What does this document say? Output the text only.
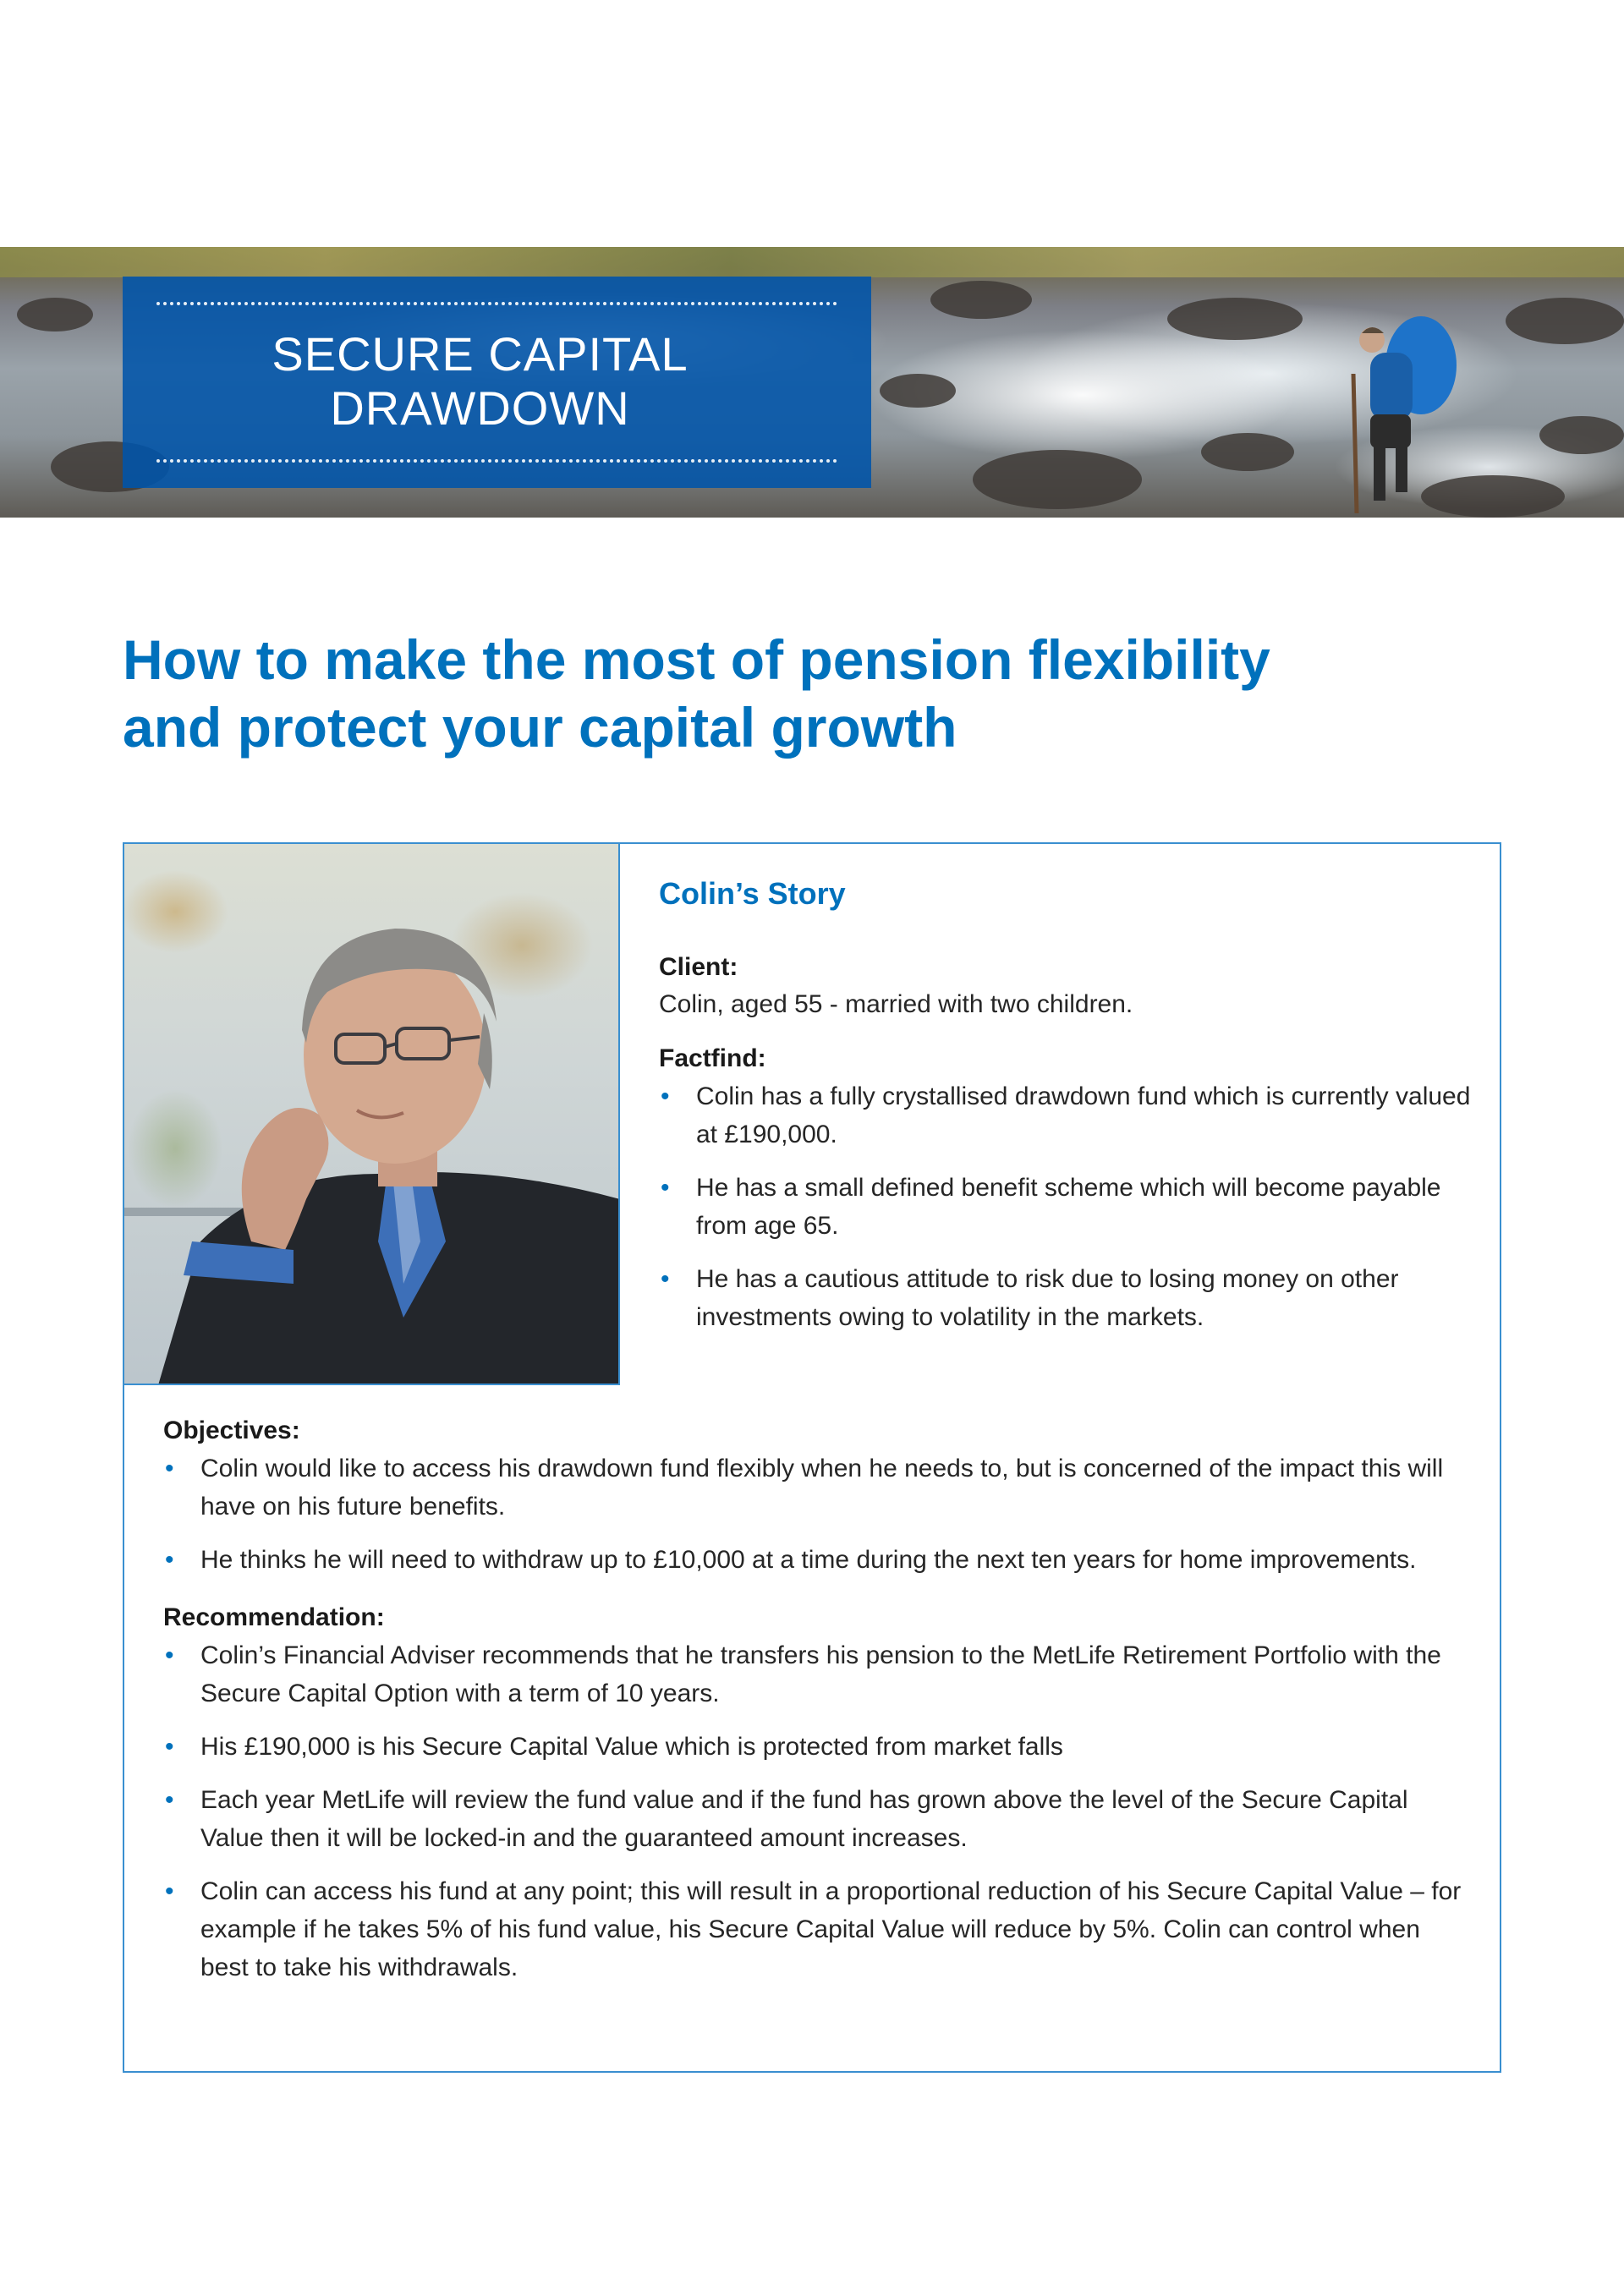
SECURE CAPITAL
DRAWDOWN
How to make the most of pension flexibility
and protect your capital growth
Colin’s Story
Client:
Colin, aged 55 - married with two children.
Factfind:
• Colin has a fully crystallised drawdown fund which is currently valued at £190,000.
• He has a small defined benefit scheme which will become payable from age 65.
• He has a cautious attitude to risk due to losing money on other investments owing to volatility in the markets.
Objectives:
• Colin would like to access his drawdown fund flexibly when he needs to, but is concerned of the impact this will have on his future benefits.
• He thinks he will need to withdraw up to £10,000 at a time during the next ten years for home improvements.
Recommendation:
• Colin’s Financial Adviser recommends that he transfers his pension to the MetLife Retirement Portfolio with the Secure Capital Option with a term of 10 years.
• His £190,000 is his Secure Capital Value which is protected from market falls
• Each year MetLife will review the fund value and if the fund has grown above the level of the Secure Capital Value then it will be locked-in and the guaranteed amount increases.
• Colin can access his fund at any point; this will result in a proportional reduction of his Secure Capital Value – for example if he takes 5% of his fund value, his Secure Capital Value will reduce by 5%. Colin can control when best to take his withdrawals.
